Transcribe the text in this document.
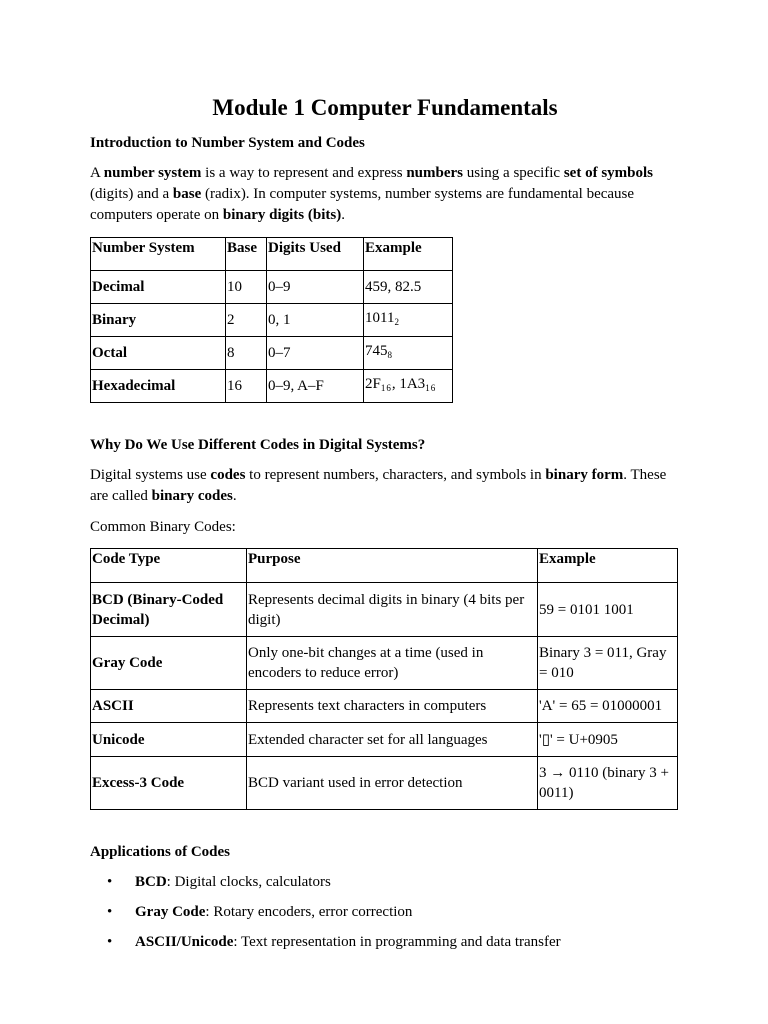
Module 1 Computer Fundamentals
Introduction to Number System and Codes

A number system is a way to represent and express numbers using a specific set of symbols (digits) and a base (radix). In computer systems, number systems are fundamental because computers operate on binary digits (bits).

Number System	Base	Digits Used	Example
Decimal	10	0–9	459, 82.5
Binary	2	0, 1	$1011_2$
Octal	8	0–7	$745_8$
Hexadecimal	16	0–9, A–F	$2F_{16}$, $1A3_{16}$
Why Do We Use Different Codes in Digital Systems?

Digital systems use codes to represent numbers, characters, and symbols in binary form. These are called binary codes.

Common Binary Codes:

Code Type	Purpose	Example
BCD (Binary-Coded Decimal)	Represents decimal digits in binary (4 bits per digit)	59 = 0101 1001
Gray Code	Only one-bit changes at a time (used in encoders to reduce error)	Binary 3 = 011, Gray = 010
ASCII	Represents text characters in computers	'A' = 65 = 01000001
Unicode	Extended character set for all languages	'▯' = U+0905
Excess-3 Code	BCD variant used in error detection	3 → 0110 (binary 3 + 0011)
Applications of Codes
• BCD: Digital clocks, calculators
• Gray Code: Rotary encoders, error correction
• ASCII/Unicode: Text representation in programming and data transfer
